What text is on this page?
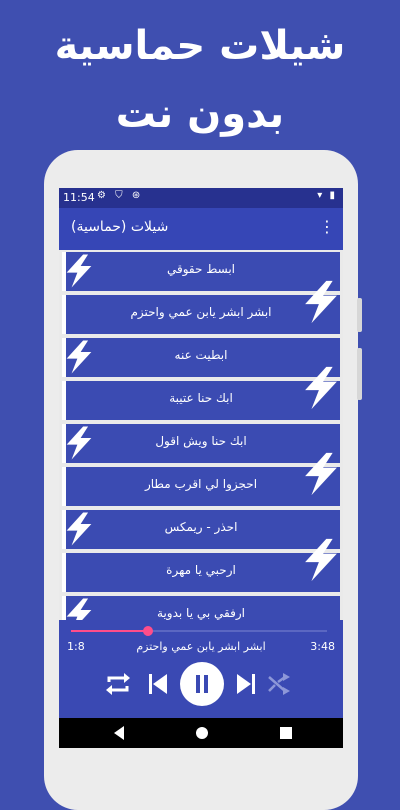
شيلات حماسية
بدون نت
11:54 ⚙ ⛉ ⊛	▾ ▮
شيلات (حماسية)	⋮
ابسط حقوقي
ابشر ابشر يابن عمي واحتزم
ابطيت عنه
ابك حنا عتيبة
ابك حنا ويش اقول
احجزوا لي اقرب مطار
احذر - ريمكس
ارحبي يا مهرة
ارفقي بي يا بدوية
1:8	ابشر ابشر يابن عمي واحتزم	3:48
